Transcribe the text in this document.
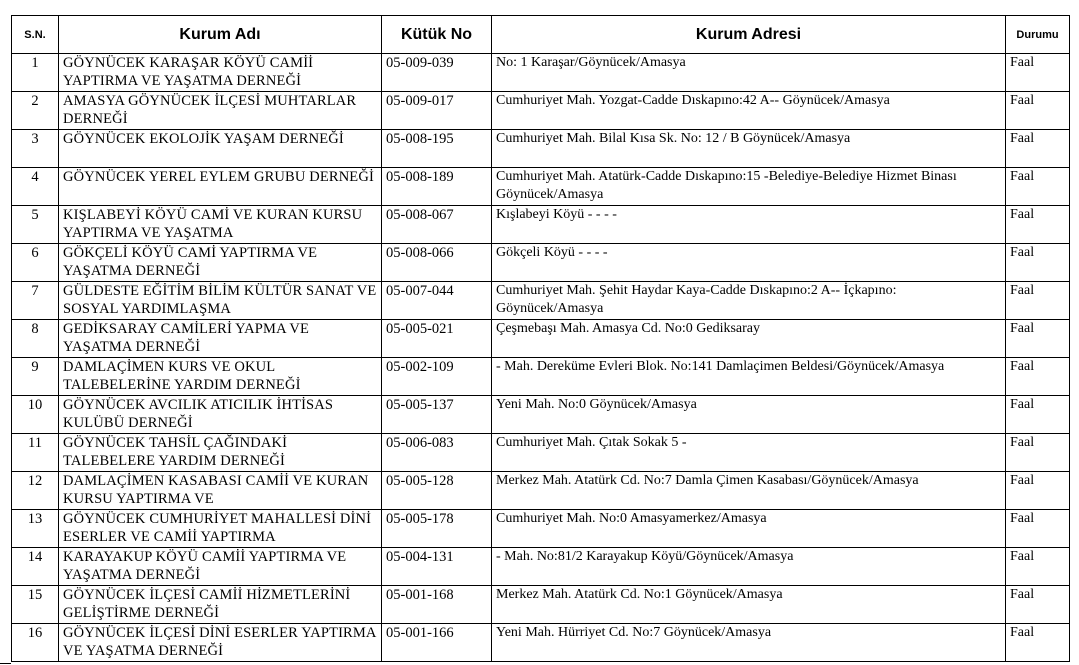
S.N.	Kurum Adı	Kütük No	Kurum Adresi	Durumu

1	GÖYNÜCEK KARAŞAR KÖYÜ CAMİİ YAPTIRMA VE YAŞATMA DERNEĞİ	05-009-039	No: 1 Karaşar/Göynücek/Amasya	Faal

2	AMASYA GÖYNÜCEK İLÇESİ MUHTARLAR DERNEĞİ	05-009-017	Cumhuriyet Mah. Yozgat-Cadde Dıskapıno:42 A-- Göynücek/Amasya	Faal

3	GÖYNÜCEK EKOLOJİK YAŞAM DERNEĞİ	05-008-195	Cumhuriyet Mah. Bilal Kısa Sk. No: 12 / B Göynücek/Amasya	Faal

4	GÖYNÜCEK YEREL EYLEM GRUBU DERNEĞİ	05-008-189	Cumhuriyet Mah. Atatürk-Cadde Dıskapıno:15 -Belediye-Belediye Hizmet Binası Göynücek/Amasya	Faal

5	KIŞLABEYİ KÖYÜ CAMİ VE KURAN KURSU YAPTIRMA VE YAŞATMA	05-008-067	Kışlabeyi Köyü - - - -	Faal

6	GÖKÇELİ KÖYÜ CAMİ YAPTIRMA VE YAŞATMA DERNEĞİ	05-008-066	Gökçeli Köyü - - - -	Faal

7	GÜLDESTE EĞİTİM BİLİM KÜLTÜR SANAT VE SOSYAL YARDIMLAŞMA	05-007-044	Cumhuriyet Mah. Şehit Haydar Kaya-Cadde Dıskapıno:2 A-- İçkapıno: Göynücek/Amasya	Faal

8	GEDİKSARAY CAMİLERİ YAPMA VE YAŞATMA DERNEĞİ	05-005-021	Çeşmebaşı Mah. Amasya Cd. No:0 Gediksaray	Faal

9	DAMLAÇİMEN KURS VE OKUL TALEBELERİNE YARDIM DERNEĞİ	05-002-109	- Mah. Dereküme Evleri Blok. No:141 Damlaçimen Beldesi/Göynücek/Amasya	Faal

10	GÖYNÜCEK AVCILIK ATICILIK İHTİSAS KULÜBÜ DERNEĞİ	05-005-137	Yeni Mah. No:0 Göynücek/Amasya	Faal

11	GÖYNÜCEK TAHSİL ÇAĞINDAKİ TALEBELERE YARDIM DERNEĞİ	05-006-083	Cumhuriyet Mah. Çıtak Sokak 5 -	Faal

12	DAMLAÇİMEN KASABASI CAMİİ VE KURAN KURSU YAPTIRMA VE	05-005-128	Merkez Mah. Atatürk Cd. No:7 Damla Çimen Kasabası/Göynücek/Amasya	Faal

13	GÖYNÜCEK CUMHURİYET MAHALLESİ DİNİ ESERLER VE CAMİİ YAPTIRMA	05-005-178	Cumhuriyet Mah. No:0 Amasyamerkez/Amasya	Faal

14	KARAYAKUP KÖYÜ CAMİİ YAPTIRMA VE YAŞATMA DERNEĞİ	05-004-131	- Mah. No:81/2 Karayakup Köyü/Göynücek/Amasya	Faal

15	GÖYNÜCEK İLÇESİ CAMİİ HİZMETLERİNİ GELİŞTİRME DERNEĞİ	05-001-168	Merkez Mah. Atatürk Cd. No:1 Göynücek/Amasya	Faal

16	GÖYNÜCEK İLÇESİ DİNİ ESERLER YAPTIRMA VE YAŞATMA DERNEĞİ	05-001-166	Yeni Mah. Hürriyet Cd. No:7 Göynücek/Amasya	Faal
